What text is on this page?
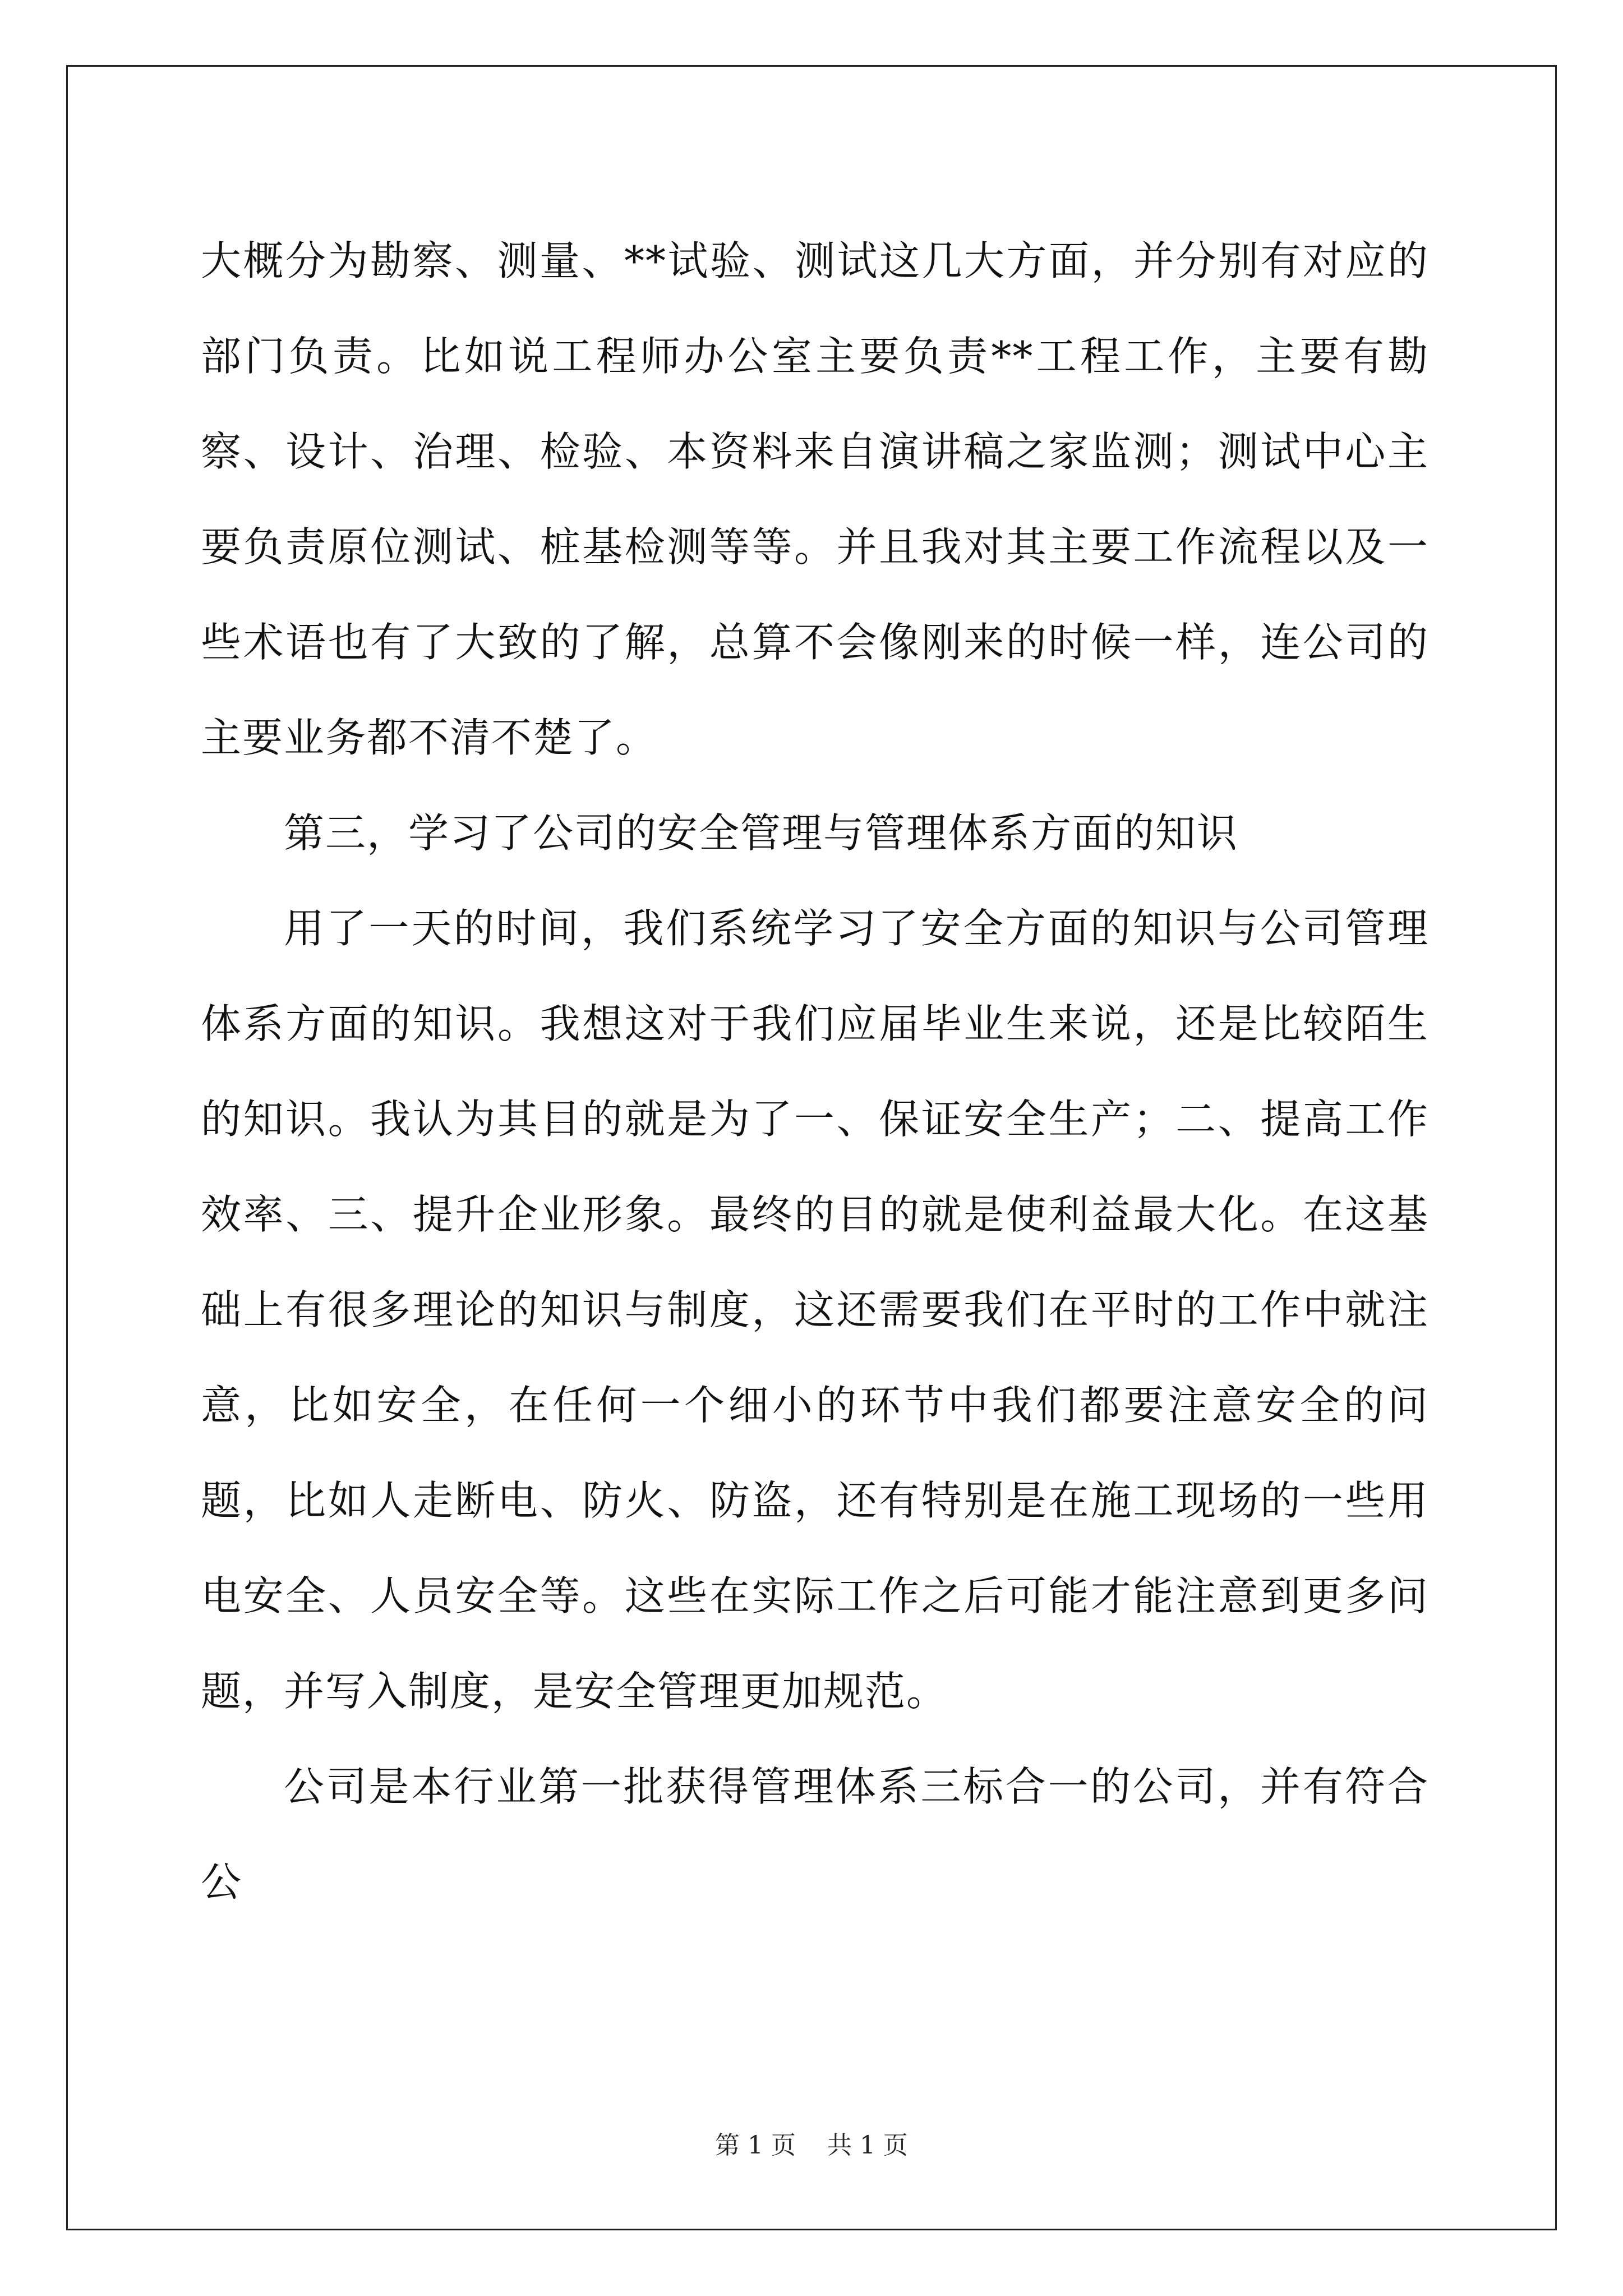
大概分为勘察、测量、**试验、测试这几大方面，并分别有对应的部门负责。比如说工程师办公室主要负责**工程工作，主要有勘察、设计、治理、检验、本资料来自演讲稿之家监测；测试中心主要负责原位测试、桩基检测等等。并且我对其主要工作流程以及一些术语也有了大致的了解，总算不会像刚来的时候一样，连公司的主要业务都不清不楚了。

第三，学习了公司的安全管理与管理体系方面的知识

用了一天的时间，我们系统学习了安全方面的知识与公司管理体系方面的知识。我想这对于我们应届毕业生来说，还是比较陌生的知识。我认为其目的就是为了一、保证安全生产；二、提高工作效率、三、提升企业形象。最终的目的就是使利益最大化。在这基础上有很多理论的知识与制度，这还需要我们在平时的工作中就注意，比如安全，在任何一个细小的环节中我们都要注意安全的问题，比如人走断电、防火、防盗，还有特别是在施工现场的一些用电安全、人员安全等。这些在实际工作之后可能才能注意到更多问题，并写入制度，是安全管理更加规范。

公司是本行业第一批获得管理体系三标合一的公司，并有符合公

第 1 页    共 1 页
